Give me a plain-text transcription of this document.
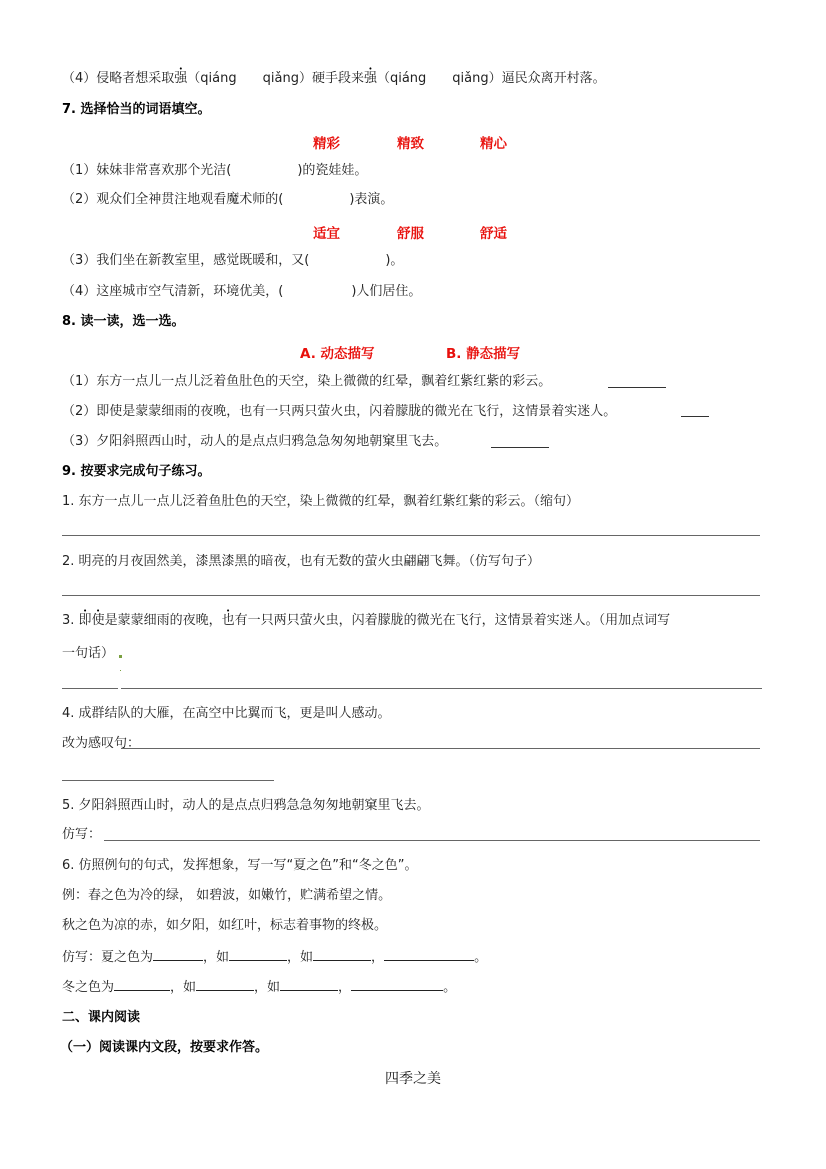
（4）侵略者想采取强（qiáng qiǎng）硬手段来强（qiáng qiǎng）逼民众离开村落。
7. 选择恰当的词语填空。
精彩	精致	精心
（1）妹妹非常喜欢那个光洁(	)的瓷娃娃。
（2）观众们全神贯注地观看魔术师的(	)表演。
适宜	舒服	舒适
（3）我们坐在新教室里，感觉既暖和，又(	)。
（4）这座城市空气清新，环境优美，(	)人们居住。
8. 读一读，选一选。
A. 动态描写	B. 静态描写
（1）东方一点儿一点儿泛着鱼肚色的天空，染上微微的红晕，飘着红紫红紫的彩云。
（2）即使是蒙蒙细雨的夜晚，也有一只两只萤火虫，闪着朦胧的微光在飞行，这情景着实迷人。
（3）夕阳斜照西山时，动人的是点点归鸦急急匆匆地朝窠里飞去。
9. 按要求完成句子练习。
1. 东方一点儿一点儿泛着鱼肚色的天空，染上微微的红晕，飘着红紫红紫的彩云。（缩句）
2. 明亮的月夜固然美，漆黑漆黑的暗夜，也有无数的萤火虫翩翩飞舞。（仿写句子）
3. 即使是蒙蒙细雨的夜晚，也有一只两只萤火虫，闪着朦胧的微光在飞行，这情景着实迷人。（用加点词写
一句话）
4. 成群结队的大雁，在高空中比翼而飞，更是叫人感动。
改为感叹句：
5. 夕阳斜照西山时，动人的是点点归鸦急急匆匆地朝窠里飞去。
仿写：
6. 仿照例句的句式，发挥想象，写一写“夏之色”和“冬之色”。
例：春之色为冷的绿， 如碧波，如嫩竹，贮满希望之情。
秋之色为凉的赤，如夕阳，如红叶，标志着事物的终极。
仿写：夏之色为	，如	，如	，	。
冬之色为	，如	，如	，	。
二、课内阅读
（一）阅读课内文段，按要求作答。
四季之美
